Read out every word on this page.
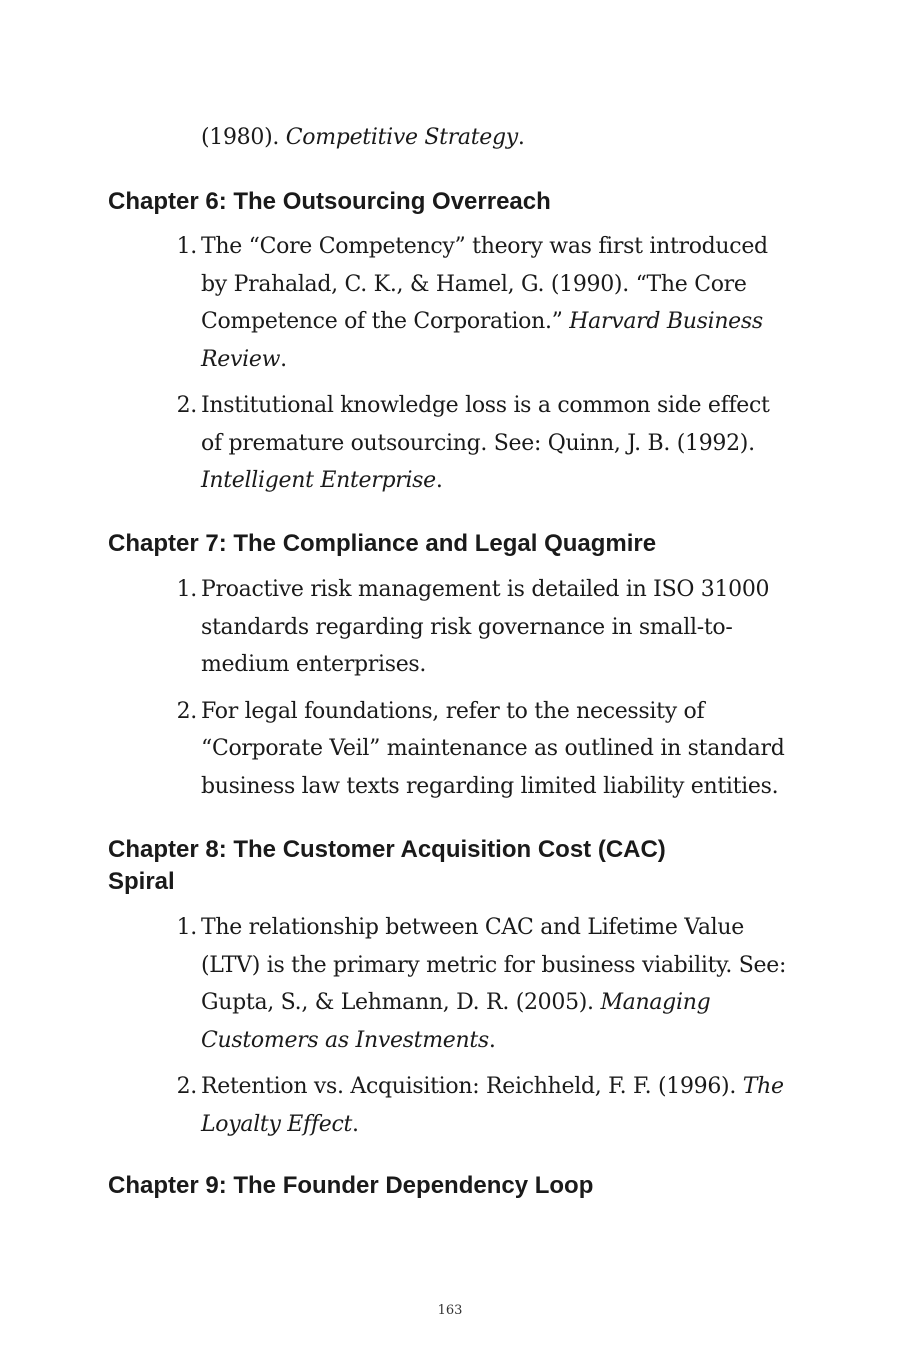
(1980). Competitive Strategy.

Chapter 6: The Outsourcing Overreach
1. The “Core Competency” theory was first introduced by Prahalad, C. K., & Hamel, G. (1990). “The Core Competence of the Corporation.” Harvard Business Review.
2. Institutional knowledge loss is a common side effect of premature outsourcing. See: Quinn, J. B. (1992). Intelligent Enterprise.
Chapter 7: The Compliance and Legal Quagmire
1. Proactive risk management is detailed in ISO 31000 standards regarding risk governance in small-to-medium enterprises.
2. For legal foundations, refer to the necessity of “Corporate Veil” maintenance as outlined in standard business law texts regarding limited liability entities.
Chapter 8: The Customer Acquisition Cost (CAC) Spiral
1. The relationship between CAC and Lifetime Value (LTV) is the primary metric for business viability. See: Gupta, S., & Lehmann, D. R. (2005). Managing Customers as Investments.
2. Retention vs. Acquisition: Reichheld, F. F. (1996). The Loyalty Effect.
Chapter 9: The Founder Dependency Loop

163
